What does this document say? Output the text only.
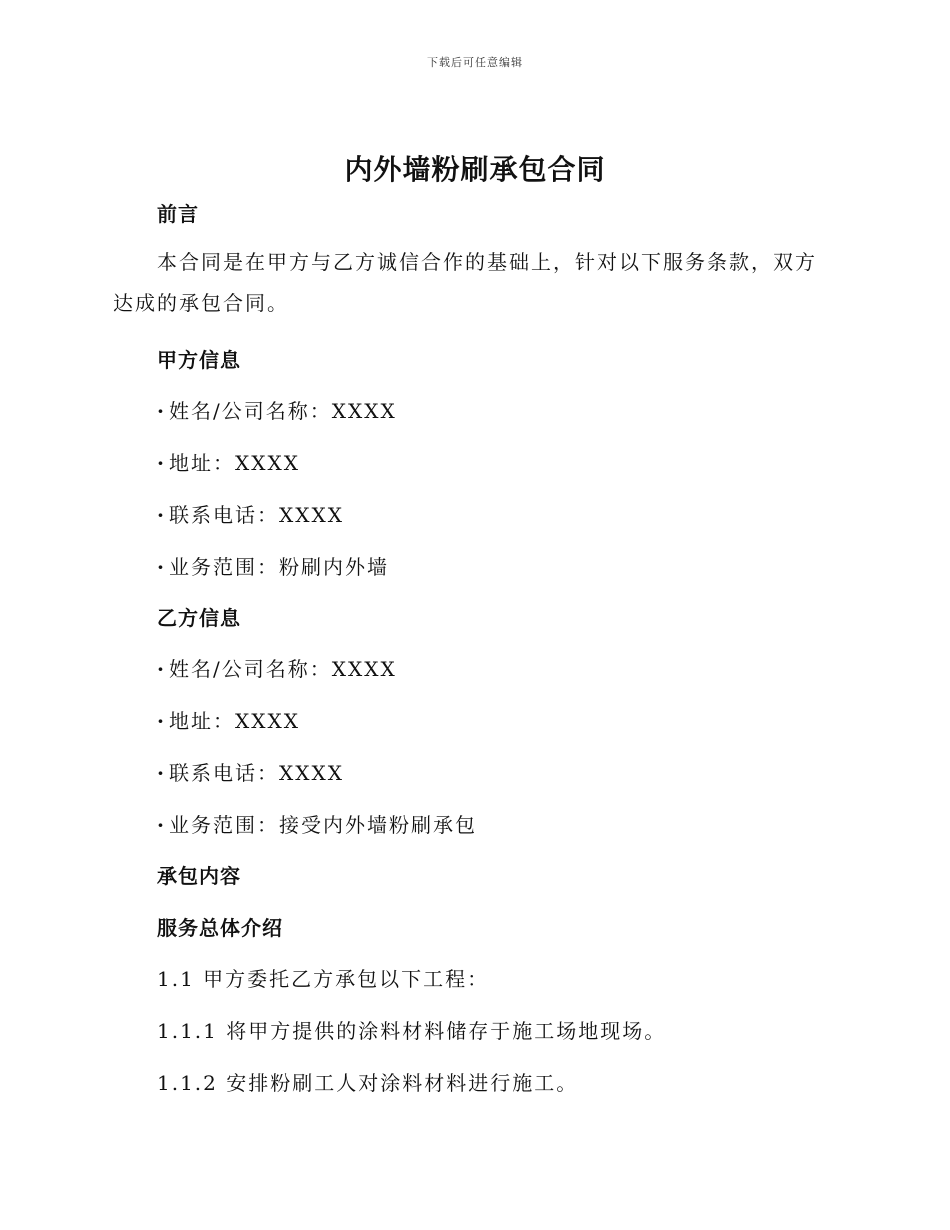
下载后可任意编辑
内外墙粉刷承包合同
前言
本合同是在甲方与乙方诚信合作的基础上，针对以下服务条款，双方达成的承包合同。
甲方信息
· 姓名/公司名称：XXXX
· 地址：XXXX
· 联系电话：XXXX
· 业务范围：粉刷内外墙
乙方信息
· 姓名/公司名称：XXXX
· 地址：XXXX
· 联系电话：XXXX
· 业务范围：接受内外墙粉刷承包
承包内容
服务总体介绍
1.1 甲方委托乙方承包以下工程：
1.1.1 将甲方提供的涂料材料储存于施工场地现场。
1.1.2 安排粉刷工人对涂料材料进行施工。
